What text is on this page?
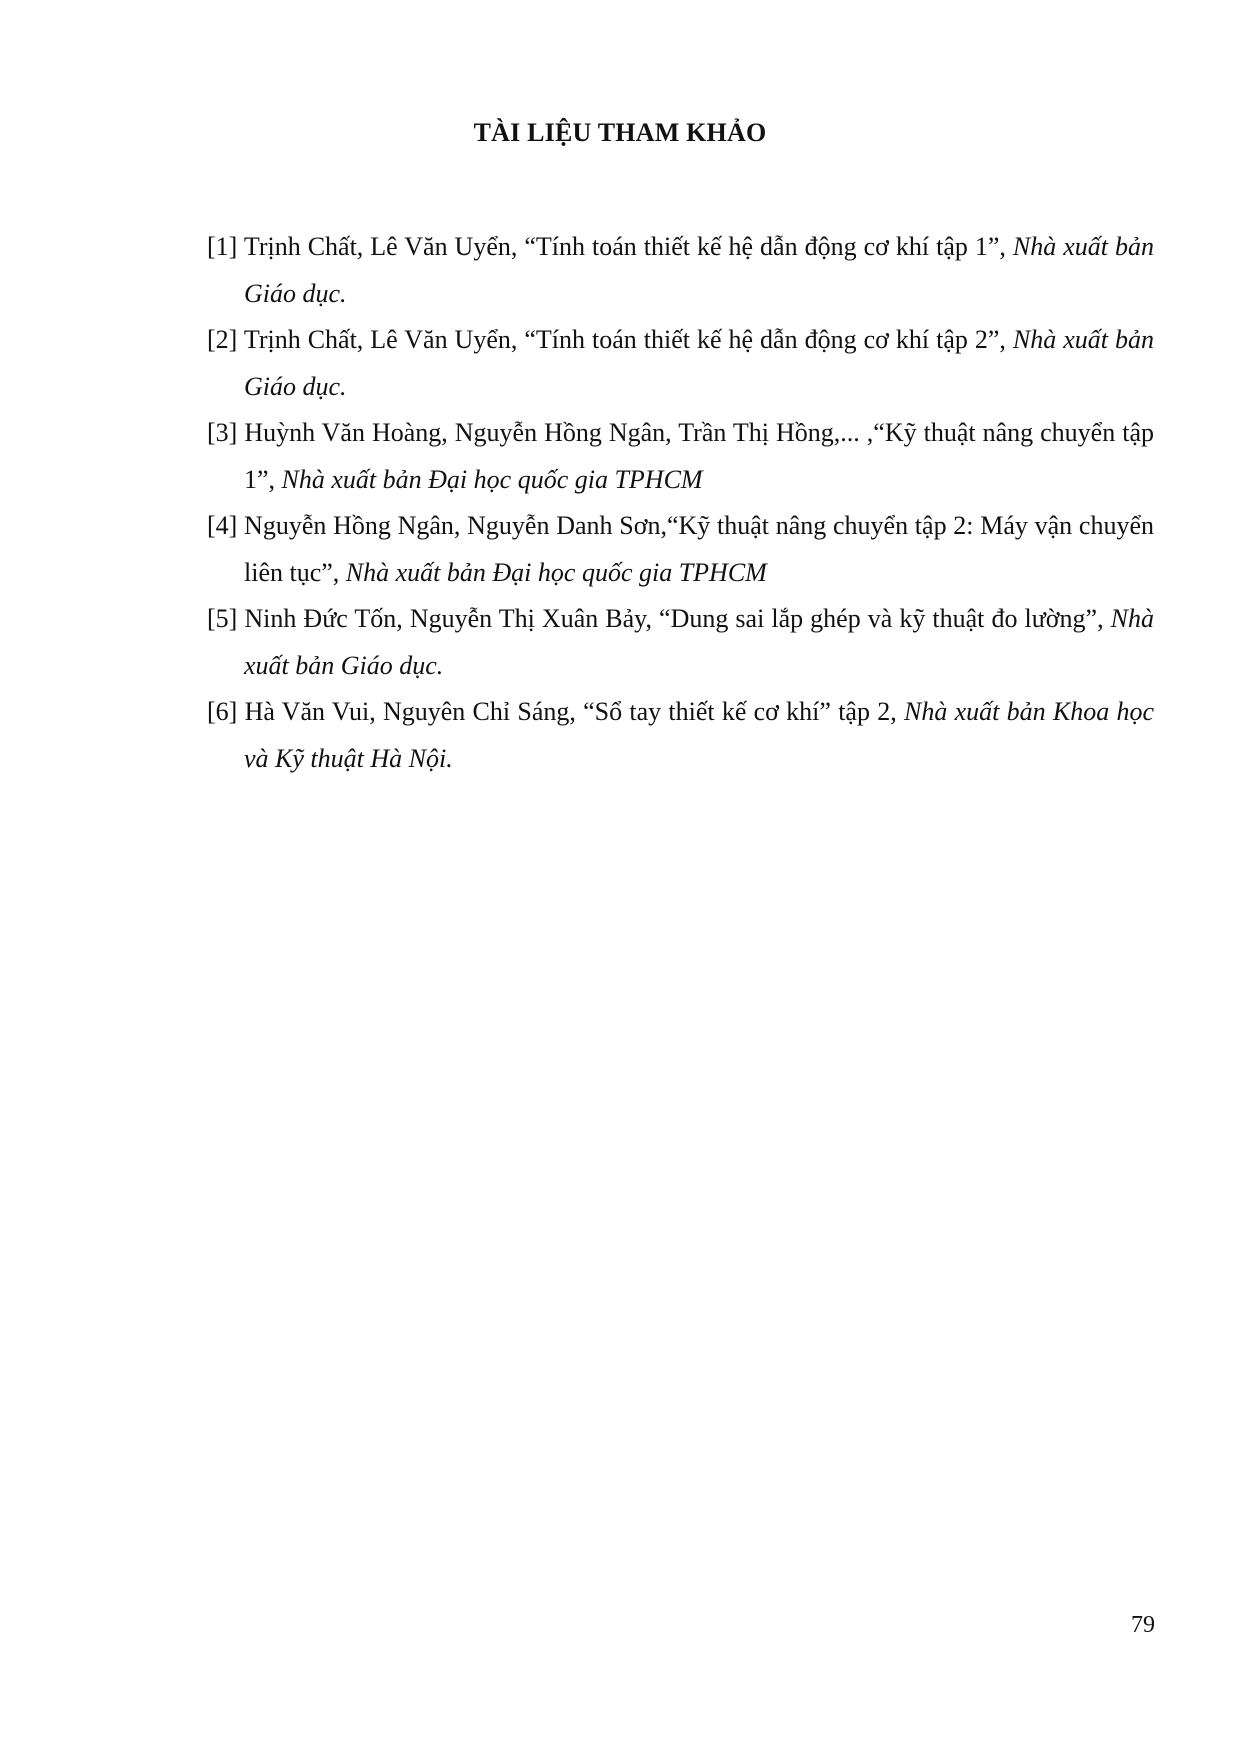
TÀI LIỆU THAM KHẢO
[1] Trịnh Chất, Lê Văn Uyển, “Tính toán thiết kế hệ dẫn động cơ khí tập 1”, Nhà xuất bản Giáo dục.
[2] Trịnh Chất, Lê Văn Uyển, “Tính toán thiết kế hệ dẫn động cơ khí tập 2”, Nhà xuất bản Giáo dục.
[3] Huỳnh Văn Hoàng, Nguyễn Hồng Ngân, Trần Thị Hồng,... ,“Kỹ thuật nâng chuyển tập 1”, Nhà xuất bản Đại học quốc gia TPHCM
[4] Nguyễn Hồng Ngân, Nguyễn Danh Sơn,“Kỹ thuật nâng chuyển tập 2: Máy vận chuyển liên tục”, Nhà xuất bản Đại học quốc gia TPHCM
[5] Ninh Đức Tốn, Nguyễn Thị Xuân Bảy, “Dung sai lắp ghép và kỹ thuật đo lường”, Nhà xuất bản Giáo dục.
[6] Hà Văn Vui, Nguyên Chỉ Sáng, “Sổ tay thiết kế cơ khí” tập 2, Nhà xuất bản Khoa học và Kỹ thuật Hà Nội.

79
